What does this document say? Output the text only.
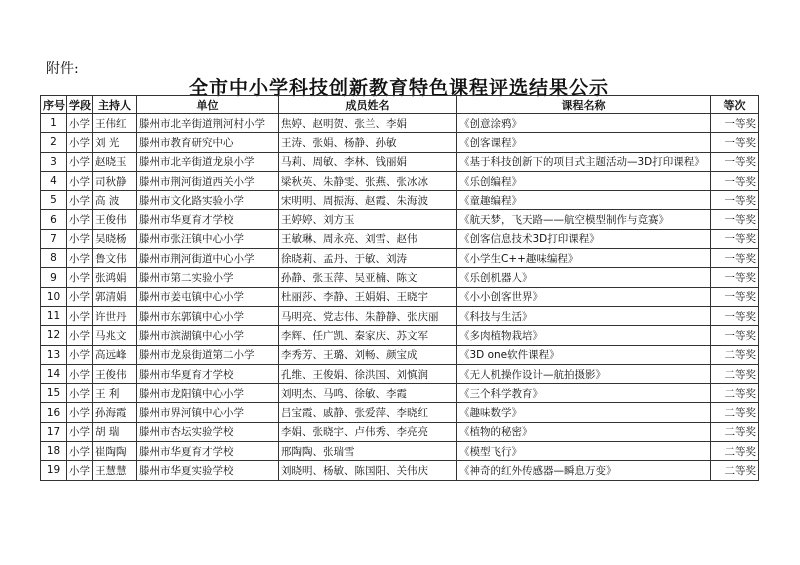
附件:
全市中小学科技创新教育特色课程评选结果公示
序号	学段	主持人	单位	成员姓名	课程名称	等次
1	小学	王伟红	滕州市北辛街道荆河村小学	焦婷、赵明贺、张兰、李娟	《创意涂鸦》	一等奖
2	小学	刘 光	滕州市教育研究中心	王涛、张娟、杨静、孙敏	《创客课程》	一等奖
3	小学	赵晓玉	滕州市北辛街道龙泉小学	马莉、周敏、李林、钱丽娟	《基于科技创新下的项目式主题活动—3D打印课程》	一等奖
4	小学	司秋静	滕州市荆河街道西关小学	梁秋英、朱静雯、张燕、张冰冰	《乐创编程》	一等奖
5	小学	高 波	滕州市文化路实验小学	宋明明、周振海、赵霞、朱海波	《童趣编程》	一等奖
6	小学	王俊伟	滕州市华夏育才学校	王婷婷、刘方玉	《航天梦，飞天路——航空模型制作与竞赛》	一等奖
7	小学	吴晓杨	滕州市张汪镇中心小学	王敏琳、周永亮、刘雪、赵伟	《创客信息技术3D打印课程》	一等奖
8	小学	鲁文伟	滕州市荆河街道中心小学	徐晓莉、孟丹、于敏、刘涛	《小学生C++趣味编程》	一等奖
9	小学	张鸿娟	滕州市第二实验小学	孙静、张玉萍、吴亚楠、陈文	《乐创机器人》	一等奖
10	小学	郭清娟	滕州市姜屯镇中心小学	杜丽莎、李静、王娟娟、王晓宇	《小小创客世界》	一等奖
11	小学	许世丹	滕州市东郭镇中心小学	马明亮、党志伟、朱静静、张庆丽	《科技与生活》	一等奖
12	小学	马兆文	滕州市滨湖镇中心小学	李辉、任广凯、秦家庆、苏文军	《多肉植物栽培》	一等奖
13	小学	高远峰	滕州市龙泉街道第二小学	李秀芳、王璐、刘畅、颜宝成	《3D one软件课程》	二等奖
14	小学	王俊伟	滕州市华夏育才学校	孔维、王俊娟、徐洪国、刘慎润	《无人机操作设计—航拍摄影》	二等奖
15	小学	王 利	滕州市龙阳镇中心小学	刘明杰、马鸣、徐敏、李霞	《三个科学教育》	二等奖
16	小学	孙海霞	滕州市界河镇中心小学	吕宝霞、戚静、张爱萍、李晓红	《趣味数学》	二等奖
17	小学	胡 瑞	滕州市杏坛实验学校	李娟、张晓宇、卢伟秀、李亮亮	《植物的秘密》	二等奖
18	小学	崔陶陶	滕州市华夏育才学校	邢陶陶、张瑞雪	《模型飞行》	二等奖
19	小学	王慧慧	滕州市华夏实验学校	刘晓明、杨敏、陈国阳、关伟庆	《神奇的红外传感器—瞬息万变》	二等奖
